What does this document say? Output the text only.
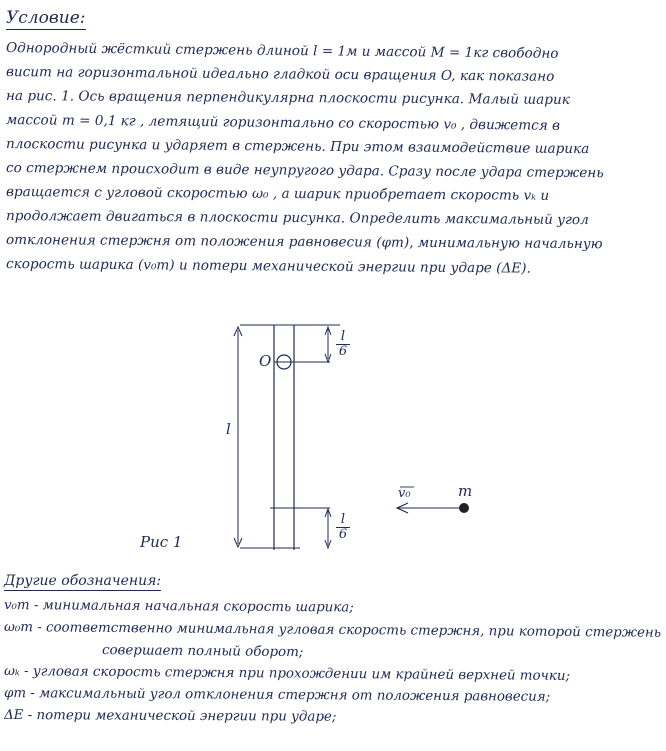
Условие:
Однородный жёсткий стержень длиной l = 1м и массой M = 1кг свободно
висит на горизонтальной идеально гладкой оси вращения O, как показано
на рис. 1. Ось вращения перпендикулярна плоскости рисунка. Малый шарик
массой m = 0,1 кг , летящий горизонтально со скоростью v₀ , движется в
плоскости рисунка и ударяет в стержень. При этом взаимодействие шарика
со стержнем происходит в виде неупругого удара. Сразу после удара стержень
вращается с угловой скоростью ω₀ , а шарик приобретает скорость vₖ и
продолжает двигаться в плоскости рисунка. Определить максимальный угол
отклонения стержня от положения равновесия (φm), минимальную начальную
скорость шарика (v₀m) и потери механической энергии при ударе (ΔE).
O
l
$\frac{l}{6}$
$\frac{l}{6}$
v₀	m
Рис 1
Другие обозначения:
v₀m - минимальная начальная скорость шарика;
ω₀m - соответственно минимальная угловая скорость стержня, при которой стержень
совершает полный оборот;
ωₖ - угловая скорость стержня при прохождении им крайней верхней точки;
φm - максимальный угол отклонения стержня от положения равновесия;
ΔE - потери механической энергии при ударе;
